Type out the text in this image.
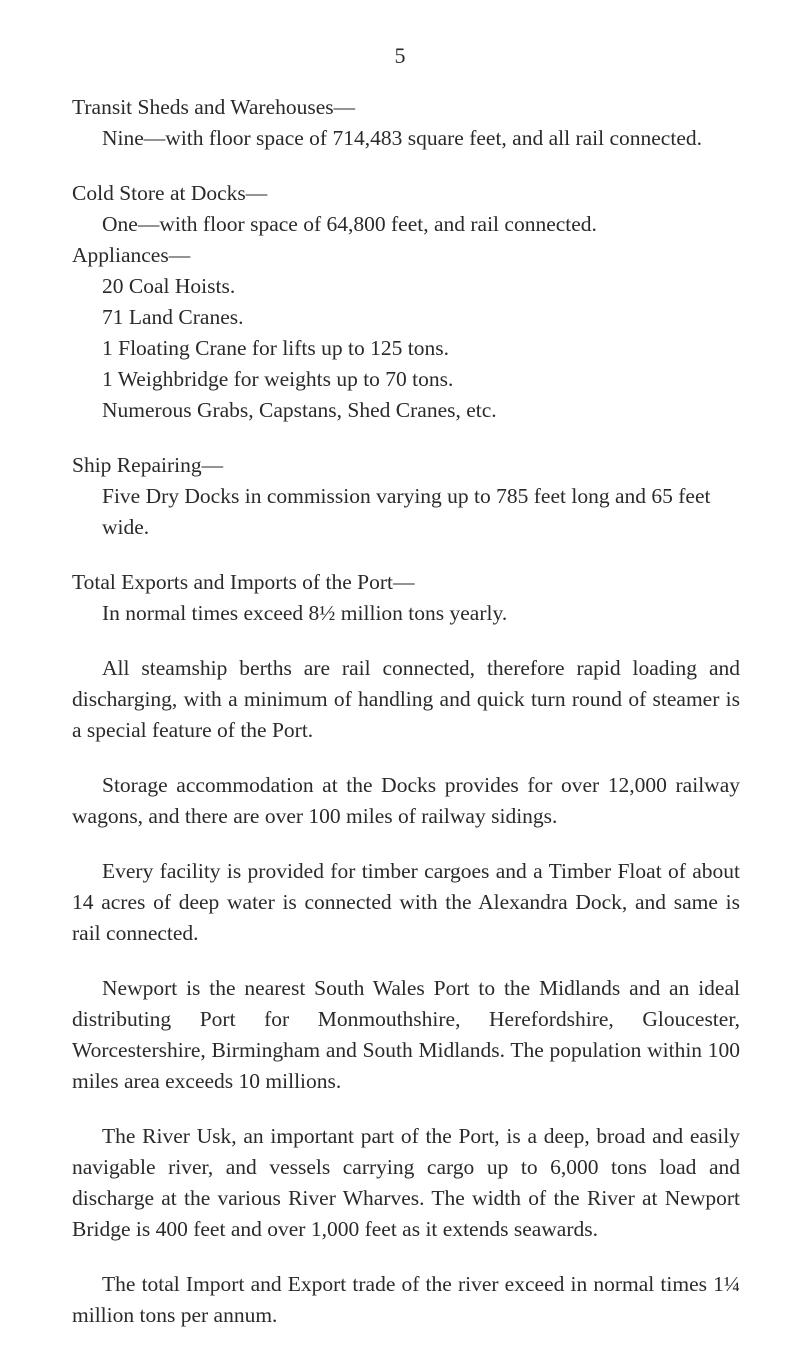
5

Transit Sheds and Warehouses—

Nine—with floor space of 714,483 square feet, and all rail connected.

Cold Store at Docks—

One—with floor space of 64,800 feet, and rail connected.

Appliances—

20 Coal Hoists.

71 Land Cranes.

1 Floating Crane for lifts up to 125 tons.

1 Weighbridge for weights up to 70 tons.

Numerous Grabs, Capstans, Shed Cranes, etc.

Ship Repairing—

Five Dry Docks in commission varying up to 785 feet long and 65 feet wide.

Total Exports and Imports of the Port—

In normal times exceed 8½ million tons yearly.

All steamship berths are rail connected, therefore rapid loading and discharging, with a minimum of handling and quick turn round of steamer is a special feature of the Port.

Storage accommodation at the Docks provides for over 12,000 railway wagons, and there are over 100 miles of railway sidings.

Every facility is provided for timber cargoes and a Timber Float of about 14 acres of deep water is connected with the Alexandra Dock, and same is rail connected.

Newport is the nearest South Wales Port to the Midlands and an ideal distributing Port for Monmouthshire, Herefordshire, Gloucester, Worcestershire, Birmingham and South Midlands. The population within 100 miles area exceeds 10 millions.

The River Usk, an important part of the Port, is a deep, broad and easily navigable river, and vessels carrying cargo up to 6,000 tons load and discharge at the various River Wharves. The width of the River at Newport Bridge is 400 feet and over 1,000 feet as it extends seawards.

The total Import and Export trade of the river exceed in normal times 1¼ million tons per annum.
